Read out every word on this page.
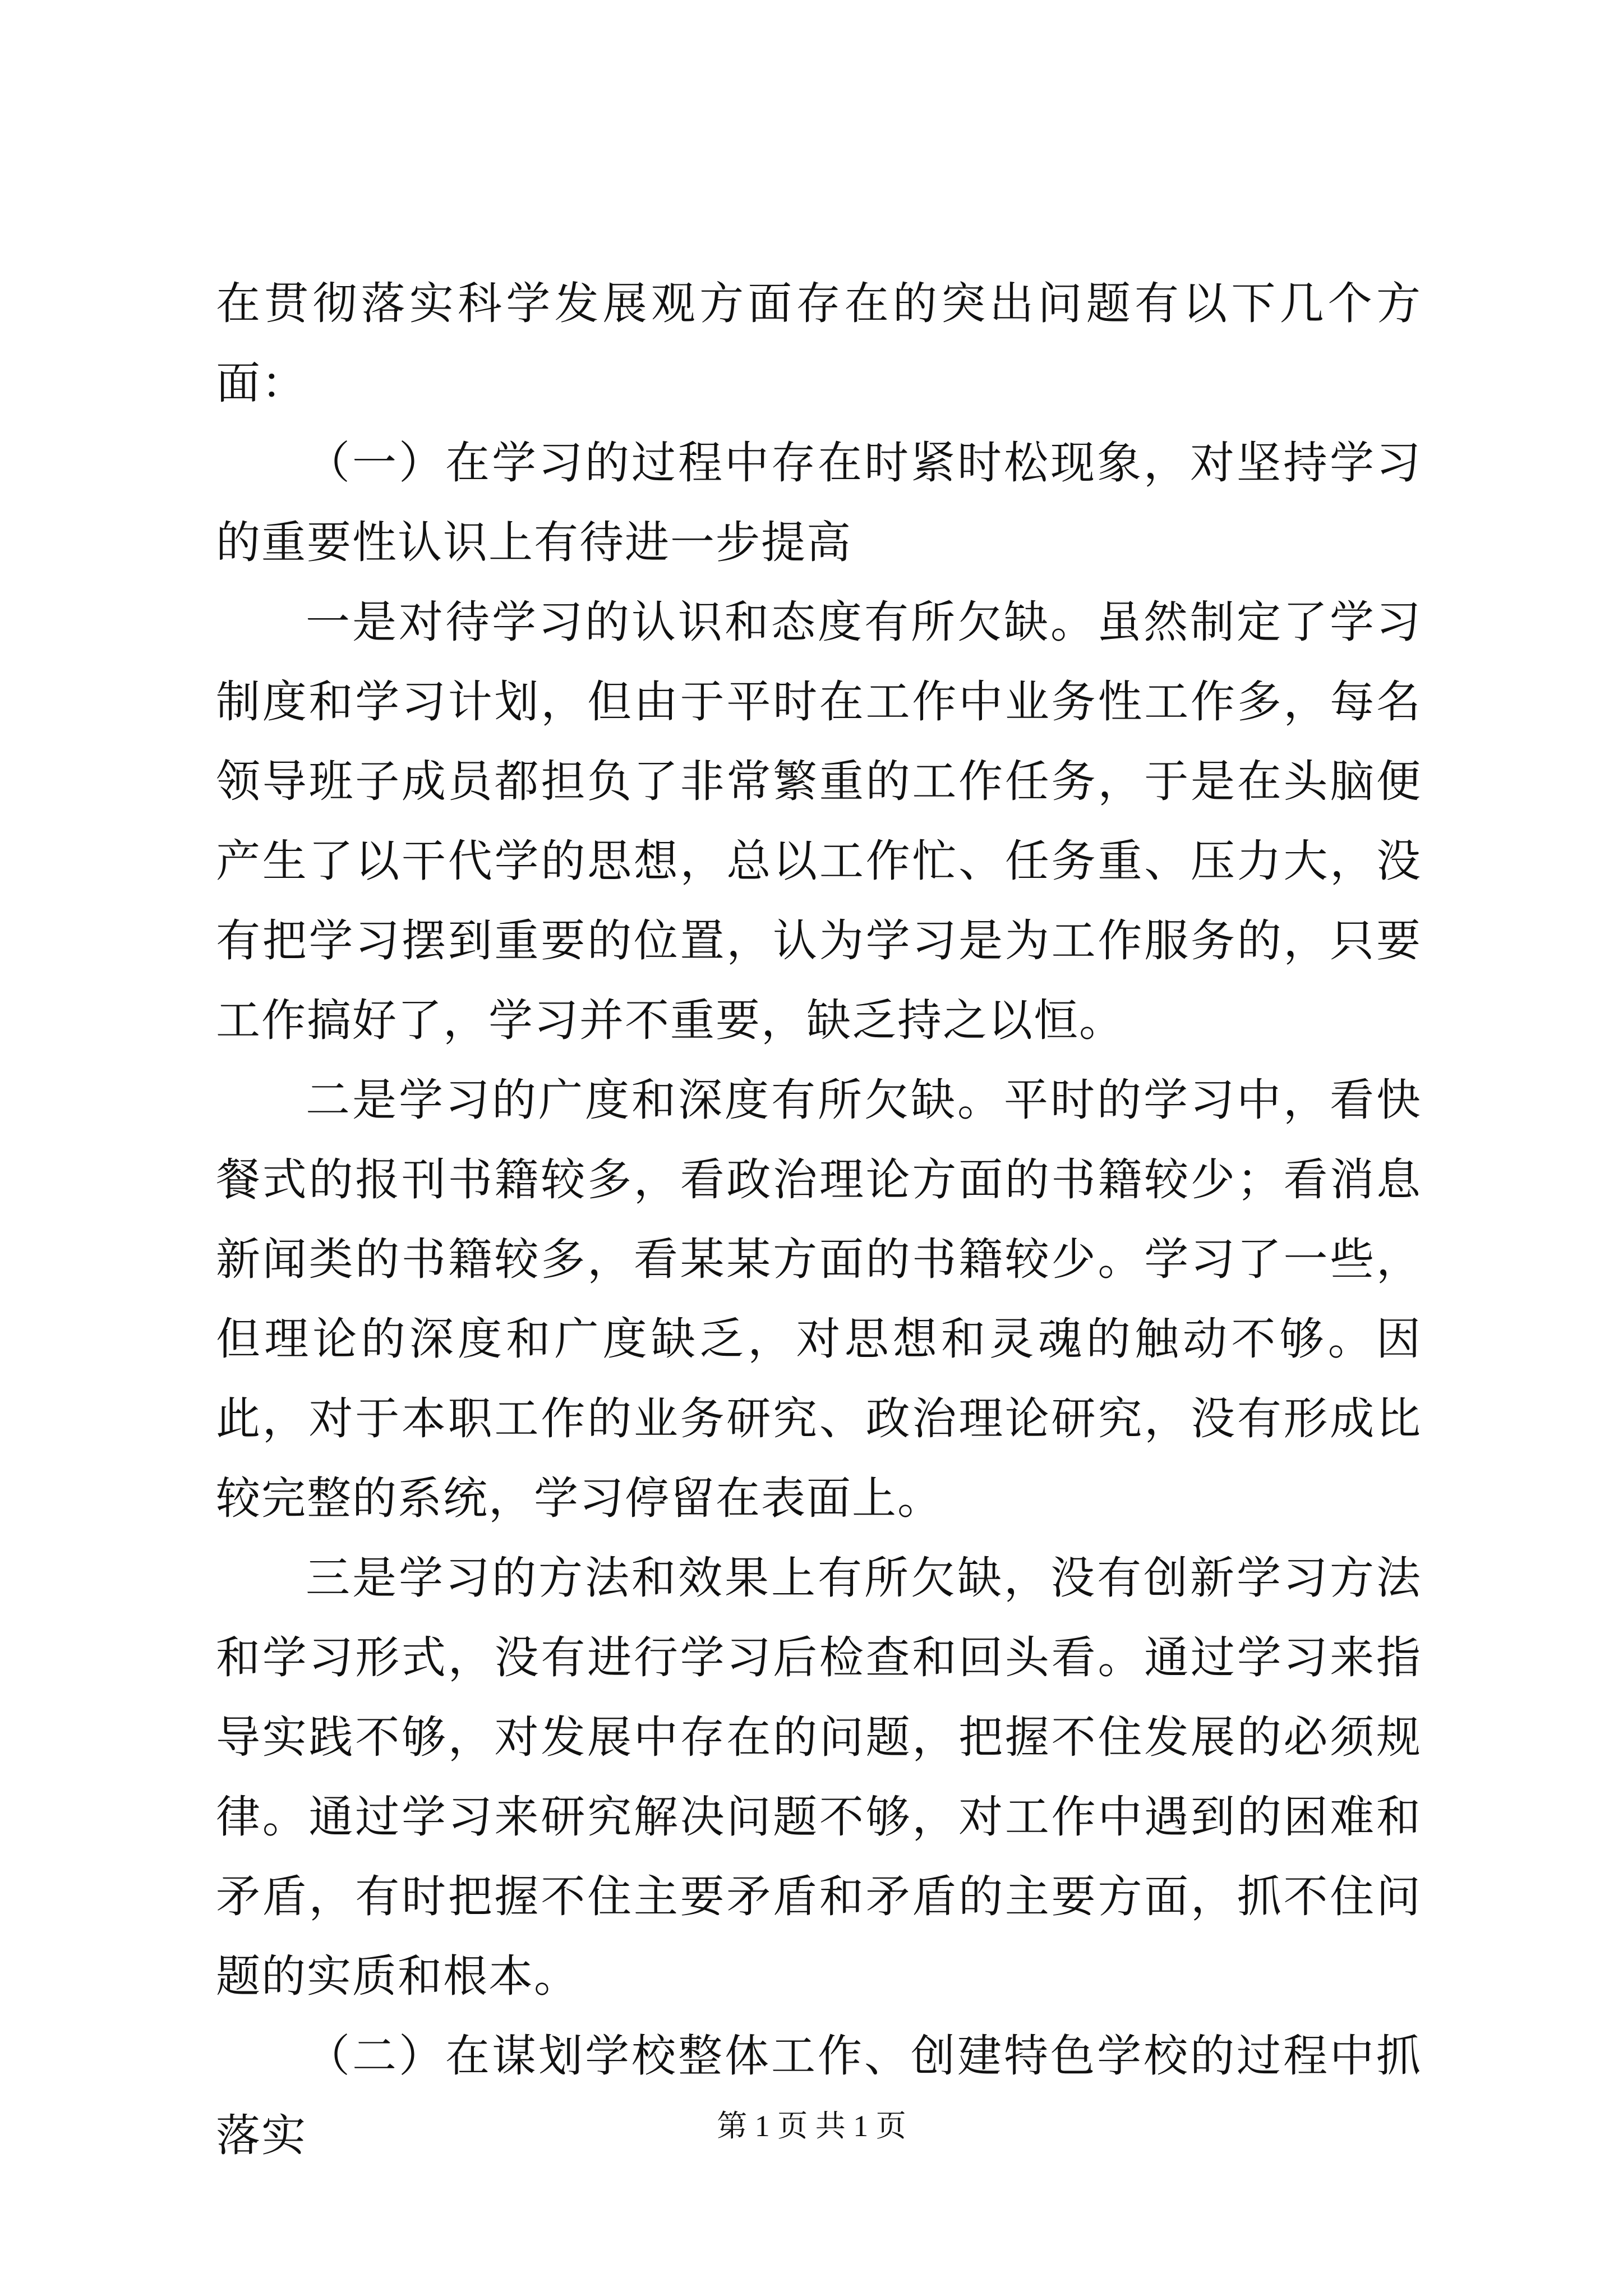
在贯彻落实科学发展观方面存在的突出问题有以下几个方面：

（一）在学习的过程中存在时紧时松现象，对坚持学习的重要性认识上有待进一步提高

一是对待学习的认识和态度有所欠缺。虽然制定了学习制度和学习计划，但由于平时在工作中业务性工作多，每名领导班子成员都担负了非常繁重的工作任务，于是在头脑便产生了以干代学的思想，总以工作忙、任务重、压力大，没有把学习摆到重要的位置，认为学习是为工作服务的，只要工作搞好了，学习并不重要，缺乏持之以恒。

二是学习的广度和深度有所欠缺。平时的学习中，看快餐式的报刊书籍较多，看政治理论方面的书籍较少；看消息新闻类的书籍较多，看某某方面的书籍较少。学习了一些，但理论的深度和广度缺乏，对思想和灵魂的触动不够。因此，对于本职工作的业务研究、政治理论研究，没有形成比较完整的系统，学习停留在表面上。

三是学习的方法和效果上有所欠缺，没有创新学习方法和学习形式，没有进行学习后检查和回头看。通过学习来指导实践不够，对发展中存在的问题，把握不住发展的必须规律。通过学习来研究解决问题不够，对工作中遇到的困难和矛盾，有时把握不住主要矛盾和矛盾的主要方面，抓不住问题的实质和根本。

（二）在谋划学校整体工作、创建特色学校的过程中抓落实	第 1 页 共 1 页
